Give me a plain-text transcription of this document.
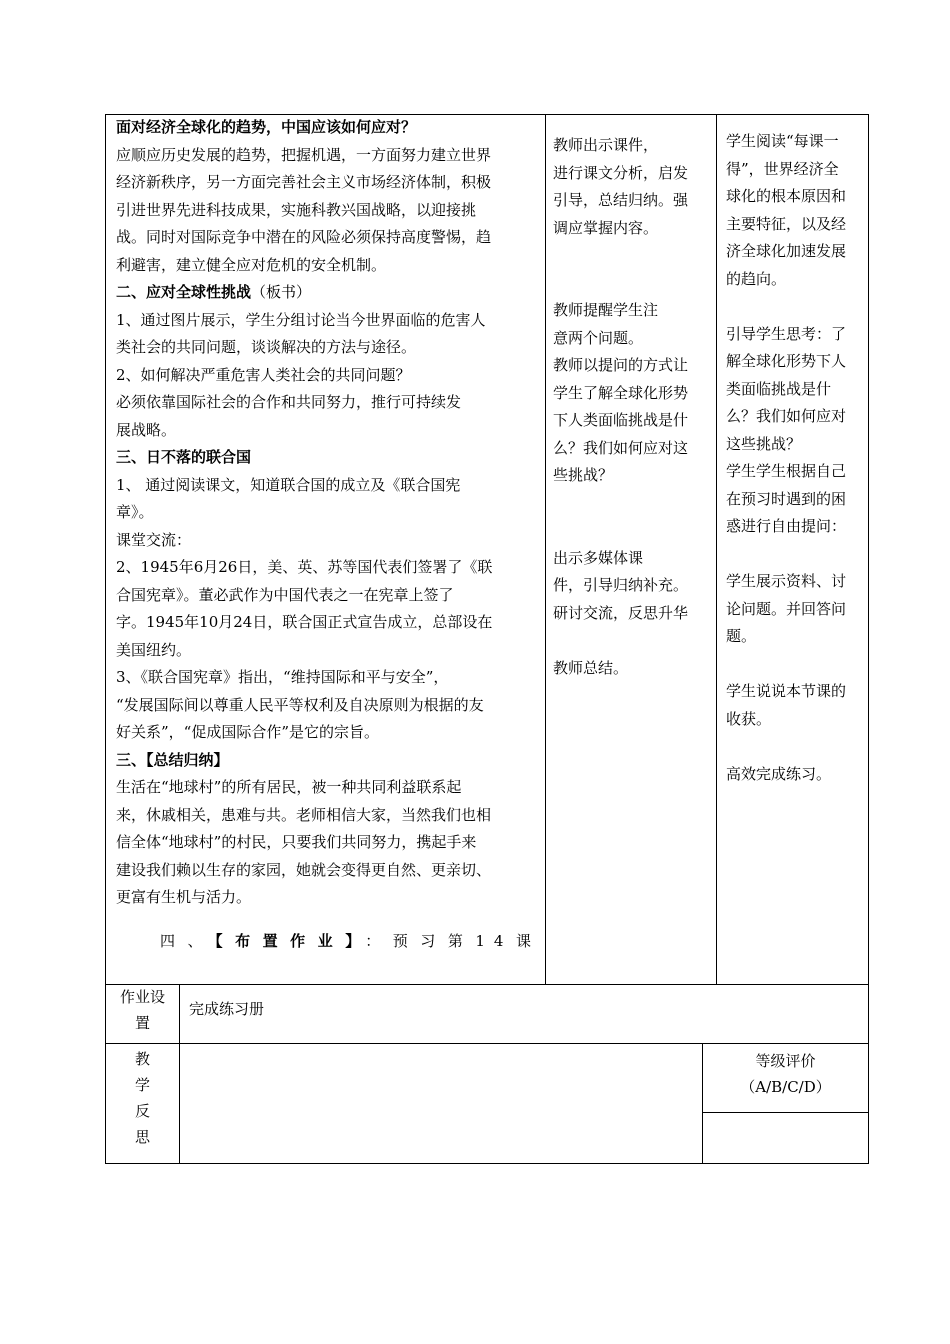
面对经济全球化的趋势，中国应该如何应对？

应顺应历史发展的趋势，把握机遇，一方面努力建立世界

经济新秩序，另一方面完善社会主义市场经济体制，积极

引进世界先进科技成果，实施科教兴国战略，以迎接挑

战。同时对国际竞争中潜在的风险必须保持高度警惕，趋

利避害，建立健全应对危机的安全机制。

二、应对全球性挑战（板书）

1、通过图片展示，学生分组讨论当今世界面临的危害人

类社会的共同问题，谈谈解决的方法与途径。

2、如何解决严重危害人类社会的共同问题？

必须依靠国际社会的合作和共同努力，推行可持续发

展战略。

三、日不落的联合国

1、 通过阅读课文，知道联合国的成立及《联合国宪

章》。

课堂交流：

2、1945年6月26日，美、英、苏等国代表们签署了《联

合国宪章》。董必武作为中国代表之一在宪章上签了

字。1945年10月24日，联合国正式宣告成立，总部设在

美国纽约。

3、《联合国宪章》指出，“维持国际和平与安全”，

“发展国际间以尊重人民平等权利及自决原则为根据的友

好关系”，“促成国际合作”是它的宗旨。

三、【总结归纳】

生活在“地球村”的所有居民，被一种共同利益联系起

来，休戚相关，患难与共。老师相信大家，当然我们也相

信全体“地球村”的村民，只要我们共同努力，携起手来

建设我们赖以生存的家园，她就会变得更自然、更亲切、

更富有生机与活力。

四、【布置作业】：预习第14课

教师出示课件，

进行课文分析，启发

引导，总结归纳。强

调应掌握内容。

教师提醒学生注

意两个问题。

教师以提问的方式让

学生了解全球化形势

下人类面临挑战是什

么？我们如何应对这

些挑战？

出示多媒体课

件，引导归纳补充。

研讨交流，反思升华

教师总结。

学生阅读“每课一

得”，世界经济全

球化的根本原因和

主要特征，以及经

济全球化加速发展

的趋向。

引导学生思考：了

解全球化形势下人

类面临挑战是什

么？我们如何应对

这些挑战？

学生学生根据自己

在预习时遇到的困

惑进行自由提问：

学生展示资料、讨

论问题。并回答问

题。

学生说说本节课的

收获。

高效完成练习。

作业设
置
完成练习册
教
学
反
思
等级评价
（A/B/C/D）
